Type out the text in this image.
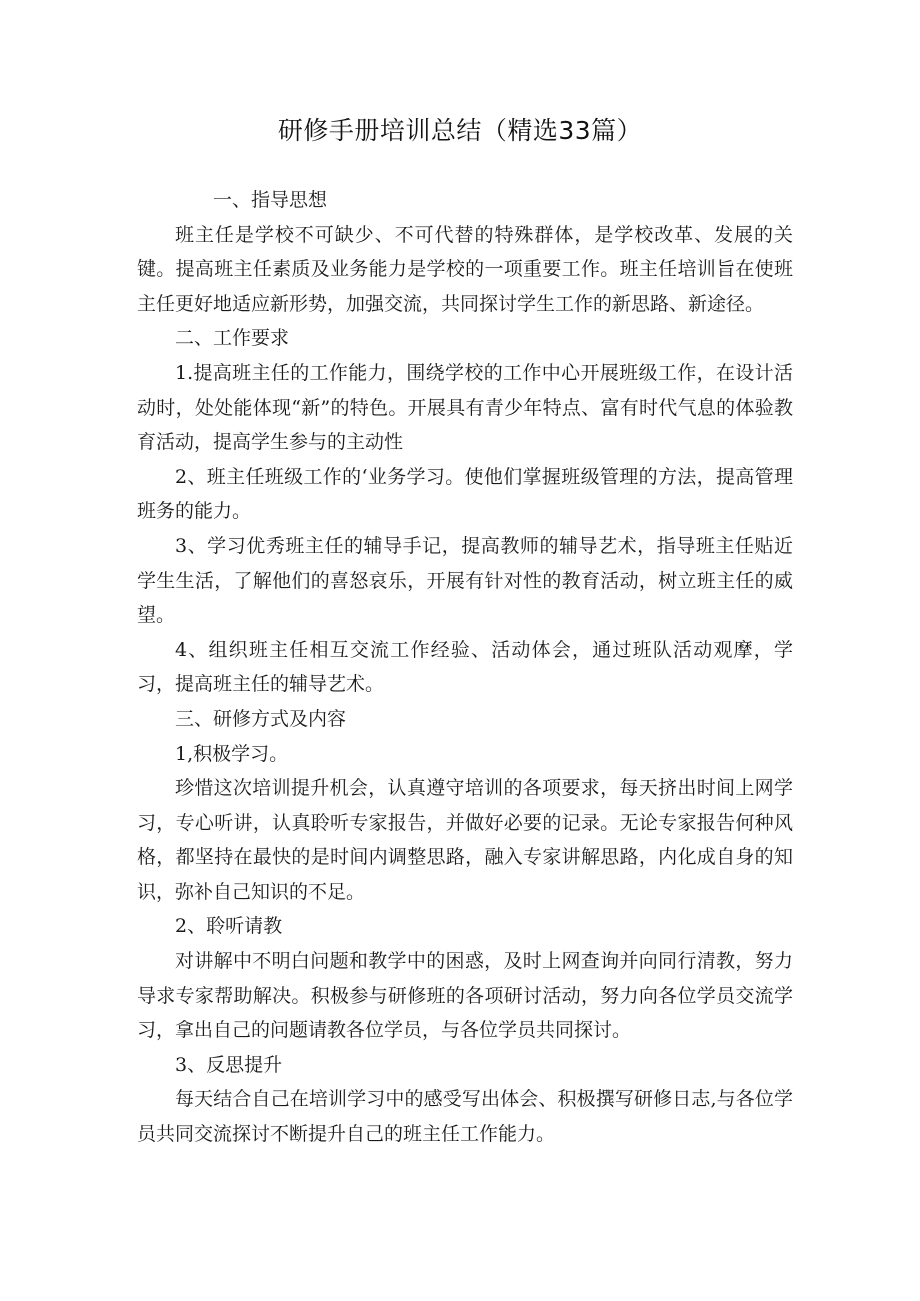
研修手册培训总结（精选33篇）

一、指导思想

班主任是学校不可缺少、不可代替的特殊群体，是学校改革、发展的关键。提高班主任素质及业务能力是学校的一项重要工作。班主任培训旨在使班主任更好地适应新形势，加强交流，共同探讨学生工作的新思路、新途径。

二、工作要求

1.提高班主任的工作能力，围绕学校的工作中心开展班级工作，在设计活动时，处处能体现“新”的特色。开展具有青少年特点、富有时代气息的体验教育活动，提高学生参与的主动性

2、班主任班级工作的‘业务学习。使他们掌握班级管理的方法，提高管理班务的能力。

3、学习优秀班主任的辅导手记，提高教师的辅导艺术，指导班主任贴近学生生活，了解他们的喜怒哀乐，开展有针对性的教育活动，树立班主任的威望。

4、组织班主任相互交流工作经验、活动体会，通过班队活动观摩，学习，提高班主任的辅导艺术。

三、研修方式及内容

1,积极学习。

珍惜这次培训提升机会，认真遵守培训的各项要求，每天挤出时间上网学习，专心听讲，认真聆听专家报告，并做好必要的记录。无论专家报告何种风格，都坚持在最快的是时间内调整思路，融入专家讲解思路，内化成自身的知识，弥补自己知识的不足。

2、聆听请教

对讲解中不明白问题和教学中的困惑，及时上网查询并向同行清教，努力导求专家帮助解决。积极参与研修班的各项研讨活动，努力向各位学员交流学习，拿出自己的问题请教各位学员，与各位学员共同探讨。

3、反思提升

每天结合自己在培训学习中的感受写出体会、积极撰写研修日志,与各位学员共同交流探讨不断提升自己的班主任工作能力。
